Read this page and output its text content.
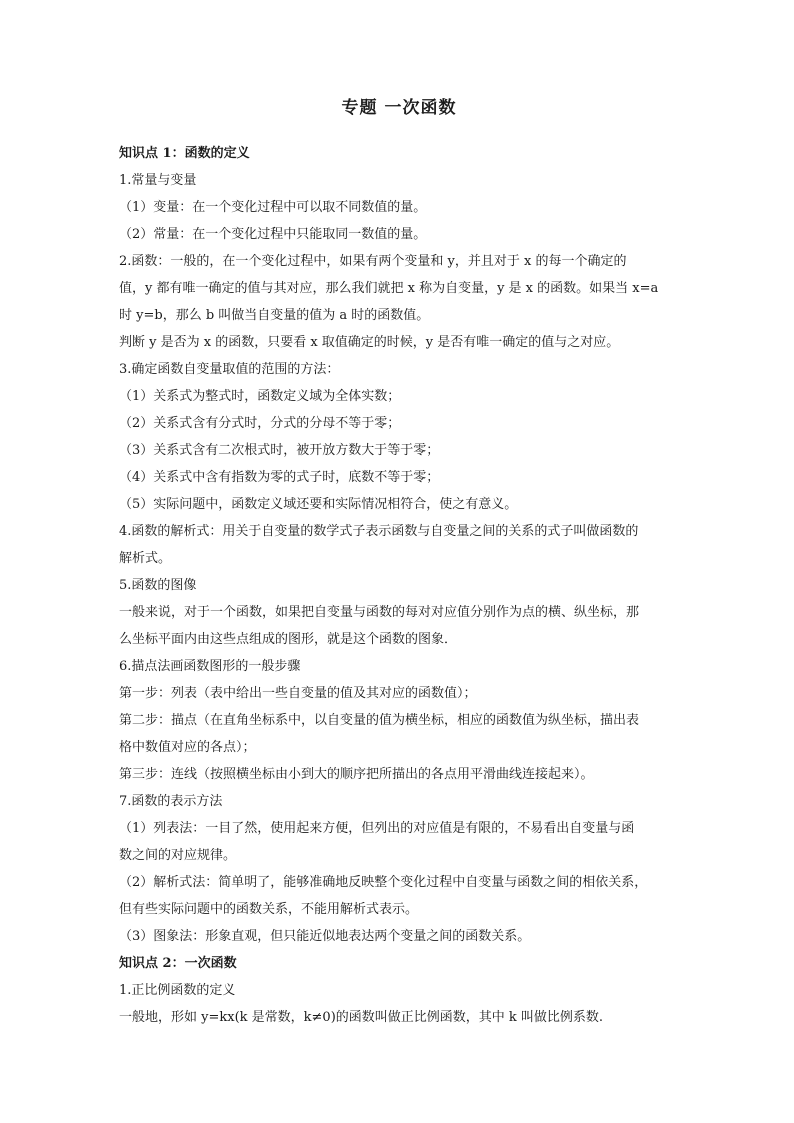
专题 一次函数

知识点 1：函数的定义

1.常量与变量

（1）变量：在一个变化过程中可以取不同数值的量。

（2）常量：在一个变化过程中只能取同一数值的量。

2.函数：一般的，在一个变化过程中，如果有两个变量和 y，并且对于 x 的每一个确定的

值，y 都有唯一确定的值与其对应，那么我们就把 x 称为自变量，y 是 x 的函数。如果当 x=a

时 y=b，那么 b 叫做当自变量的值为 a 时的函数值。

判断 y 是否为 x 的函数，只要看 x 取值确定的时候，y 是否有唯一确定的值与之对应。

3.确定函数自变量取值的范围的方法：

（1）关系式为整式时，函数定义域为全体实数；

（2）关系式含有分式时，分式的分母不等于零；

（3）关系式含有二次根式时，被开放方数大于等于零；

（4）关系式中含有指数为零的式子时，底数不等于零；

（5）实际问题中，函数定义域还要和实际情况相符合，使之有意义。

4.函数的解析式：用关于自变量的数学式子表示函数与自变量之间的关系的式子叫做函数的

解析式。

5.函数的图像

一般来说，对于一个函数，如果把自变量与函数的每对对应值分别作为点的横、纵坐标，那

么坐标平面内由这些点组成的图形，就是这个函数的图象．

6.描点法画函数图形的一般步骤

第一步：列表（表中给出一些自变量的值及其对应的函数值）；

第二步：描点（在直角坐标系中，以自变量的值为横坐标，相应的函数值为纵坐标，描出表

格中数值对应的各点）；

第三步：连线（按照横坐标由小到大的顺序把所描出的各点用平滑曲线连接起来）。

7.函数的表示方法

（1）列表法：一目了然，使用起来方便，但列出的对应值是有限的，不易看出自变量与函

数之间的对应规律。

（2）解析式法：简单明了，能够准确地反映整个变化过程中自变量与函数之间的相依关系，

但有些实际问题中的函数关系，不能用解析式表示。

（3）图象法：形象直观，但只能近似地表达两个变量之间的函数关系。

知识点 2：一次函数

1.正比例函数的定义

一般地，形如 y=kx(k 是常数，k≠0)的函数叫做正比例函数，其中 k 叫做比例系数.
